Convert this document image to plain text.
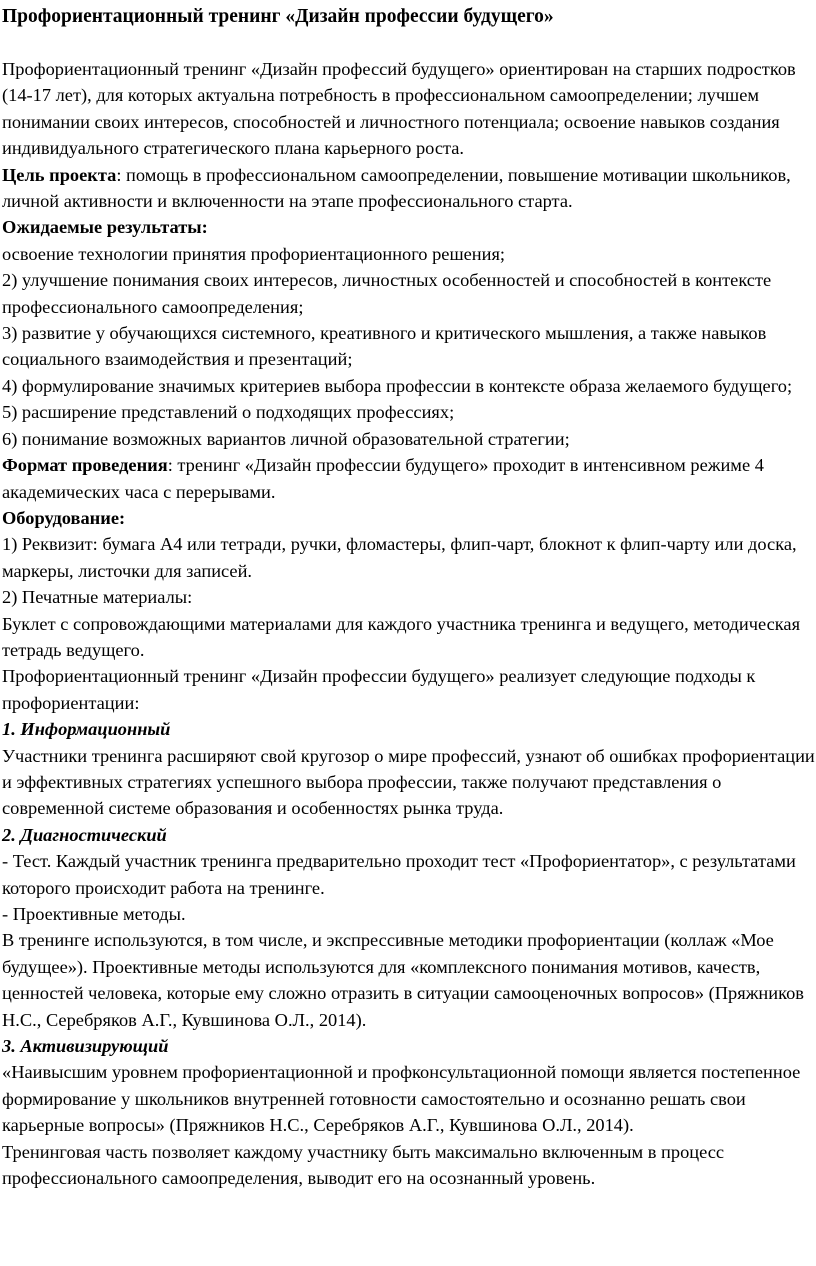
Профориентационный тренинг «Дизайн профессии будущего»

Профориентационный тренинг «Дизайн профессий будущего» ориентирован на старших подростков (14-17 лет), для которых актуальна потребность в профессиональном самоопределении; лучшем понимании своих интересов, способностей и личностного потенциала; освоение навыков создания индивидуального стратегического плана карьерного роста.

Цель проекта: помощь в профессиональном самоопределении, повышение мотивации школьников, личной активности и включенности на этапе профессионального старта.

Ожидаемые результаты:

освоение технологии принятия профориентационного решения;

2) улучшение понимания своих интересов, личностных особенностей и способностей в контексте профессионального самоопределения;

3) развитие у обучающихся системного, креативного и критического мышления, а также навыков социального взаимодействия и презентаций;

4) формулирование значимых критериев выбора профессии в контексте образа желаемого будущего;

5) расширение представлений о подходящих профессиях;

6) понимание возможных вариантов личной образовательной стратегии;

Формат проведения: тренинг «Дизайн профессии будущего» проходит в интенсивном режиме 4 академических часа с перерывами.

Оборудование:

1) Реквизит: бумага А4 или тетради, ручки, фломастеры, флип-чарт, блокнот к флип-чарту или доска, маркеры, листочки для записей.

2) Печатные материалы:

Буклет с сопровождающими материалами для каждого участника тренинга и ведущего, методическая тетрадь ведущего.

Профориентационный тренинг «Дизайн профессии будущего» реализует следующие подходы к профориентации:

1. Информационный

Участники тренинга расширяют свой кругозор о мире профессий, узнают об ошибках профориентации и эффективных стратегиях успешного выбора профессии, также получают представления о современной системе образования и особенностях рынка труда.

2. Диагностический

- Тест. Каждый участник тренинга предварительно проходит тест «Профориентатор», с результатами которого происходит работа на тренинге.

- Проективные методы.

В тренинге используются, в том числе, и экспрессивные методики профориентации (коллаж «Мое будущее»). Проективные методы используются для «комплексного понимания мотивов, качеств, ценностей человека, которые ему сложно отразить в ситуации самооценочных вопросов» (Пряжников Н.С., Серебряков А.Г., Кувшинова О.Л., 2014).

3. Активизирующий

«Наивысшим уровнем профориентационной и профконсультационной помощи является постепенное формирование у школьников внутренней готовности самостоятельно и осознанно решать свои карьерные вопросы» (Пряжников Н.С., Серебряков А.Г., Кувшинова О.Л., 2014).

Тренинговая часть позволяет каждому участнику быть максимально включенным в процесс профессионального самоопределения, выводит его на осознанный уровень.
